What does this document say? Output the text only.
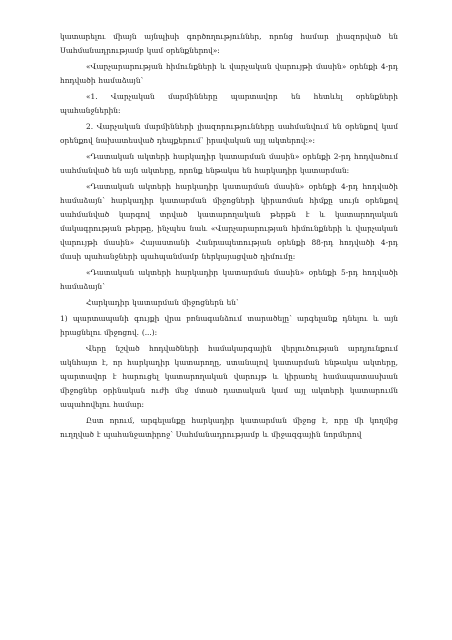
կատարելու միայն այնպիսի գործողություններ, որոնց համար լիազորված են Սահմանադրությամբ կամ օրենքներով»:

«Վարչարարության հիմունքների և վարչական վարույթի մասին» օրենքի 4-րդ հոդվածի համաձայն՝

«1. Վարչական մարմինները պարտավոր են հետևել օրենքների պահանջներին:

2. Վարչական մարմինների լիազորությունները սահմանվում են օրենքով կամ օրենքով նախատեսված դեպքերում՝ իրավական այլ ակտերով:»:

«Դատական ակտերի հարկադիր կատարման մասին» օրենքի 2-րդ հոդվածում սահմանված են այն ակտերը, որոնք ենթակա են հարկադիր կատարման:

«Դատական ակտերի հարկադիր կատարման մասին» օրենքի 4-րդ հոդվածի համաձայն՝ հարկադիր կատարման միջոցների կիրառման հիմքը սույն օրենքով սահմանված կարգով տրված կատարողական թերթն է և կատարողական մակագրության թերթը, ինչպես նաև «Վարչարարության հիմունքների և վարչական վարույթի մասին» Հայաստանի Հանրապետության օրենքի 88-րդ հոդվածի 4-րդ մասի պահանջների պահպանմամբ ներկայացված դիմումը:

«Դատական ակտերի հարկադիր կատարման մասին» օրենքի 5-րդ հոդվածի համաձայն՝

Հարկադիր կատարման միջոցներն են՝

1) պարտապանի գույքի վրա բռնագանձում տարածելը՝ արգելանք դնելու և այն իրացնելու միջոցով. (...):

Վերը նշված հոդվածների համակարգային վերլուծության արդյունքում ակնհայտ է, որ հարկադիր կատարողը, ստանալով կատարման ենթակա ակտերը, պարտավոր է հարուցել կատարողական վարույթ և կիրառել համապատասխան միջոցներ օրինական ուժի մեջ մտած դատական կամ այլ ակտերի կատարումն ապահովելու համար:

Ըստ որում, արգելանքը հարկադիր կատարման միջոց է, որը մի կողմից ուղղված է պահանջատիրոջ՝ Սահմանադրությամբ և միջազգային նորմերով
